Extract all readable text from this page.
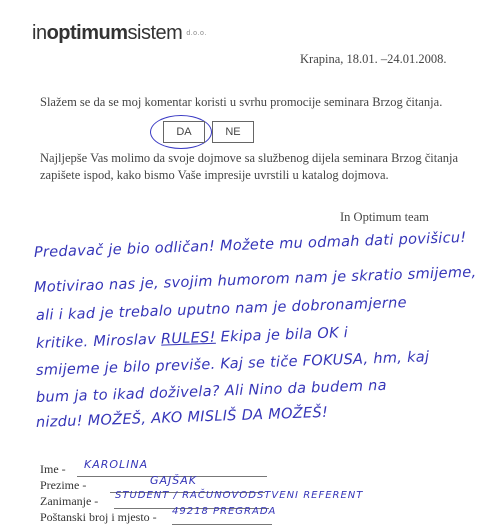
inoptimumsistem d.o.o.
Krapina, 18.01. –24.01.2008.
Slažem se da se moj komentar koristi u svrhu promocije seminara Brzog čitanja.
DA	NE
Najljepše Vas molimo da svoje dojmove sa službenog dijela seminara Brzog čitanja zapišete ispod, kako bismo Vaše impresije uvrstili u katalog dojmova.
In Optimum team
Predavač je bio odličan! Možete mu odmah dati povišicu!
Motivirao nas je, svojim humorom nam je skratio smijeme,
ali i kad je trebalo uputno nam je dobronamjerne
kritike. Miroslav RULES! Ekipa je bila OK i
smijeme je bilo previše. Kaj se tiče FOKUSA, hm, kaj
bum ja to ikad doživela? Ali Nino da budem na
nizdu! MOŽEŠ, AKO MISLIŠ DA MOŽEŠ!
Ime - KAROLINA
Prezime -	GAJŠAK
Zanimanje - STUDENT / RAČUNOVODSTVENI REFERENT
Poštanski broj i mjesto - 49218 PREGRADA
